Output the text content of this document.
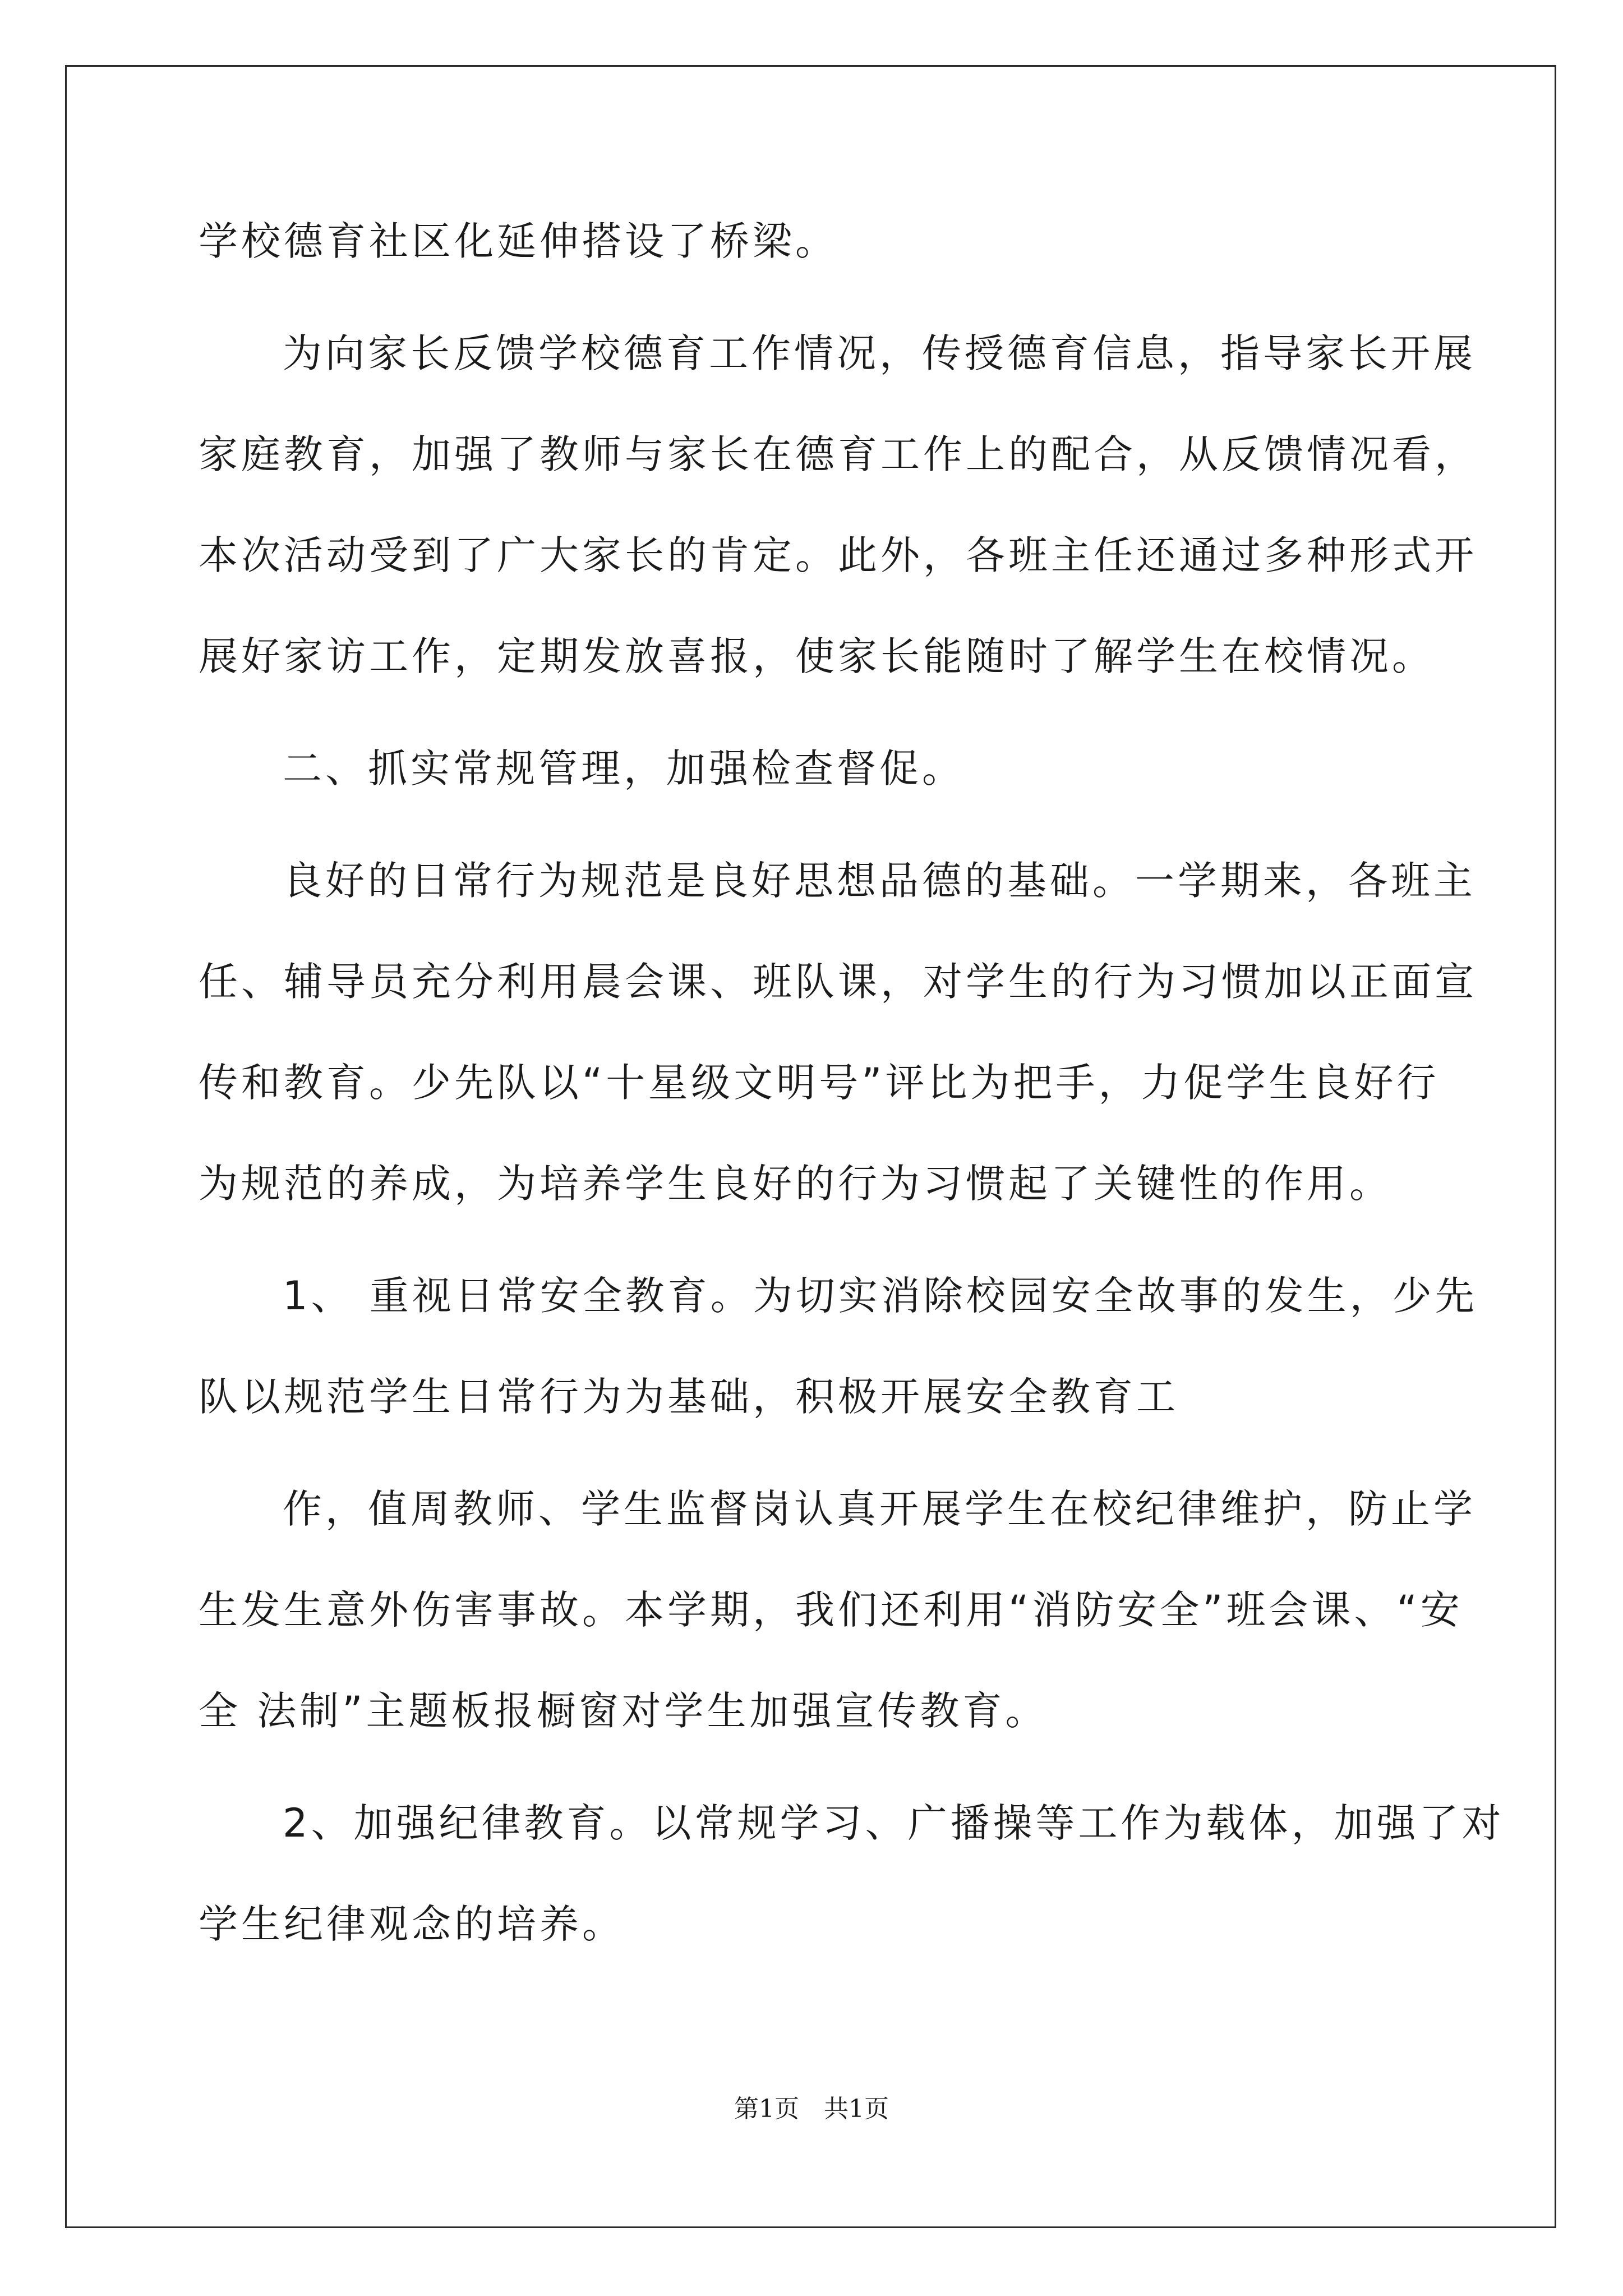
学校德育社区化延伸搭设了桥梁。
为向家长反馈学校德育工作情况，传授德育信息，指导家长开展
家庭教育，加强了教师与家长在德育工作上的配合，从反馈情况看，
本次活动受到了广大家长的肯定。此外，各班主任还通过多种形式开
展好家访工作，定期发放喜报，使家长能随时了解学生在校情况。
二、抓实常规管理，加强检查督促。
良好的日常行为规范是良好思想品德的基础。一学期来，各班主
任、辅导员充分利用晨会课、班队课，对学生的行为习惯加以正面宣
传和教育。少先队以“十星级文明号”评比为把手，力促学生良好行
为规范的养成，为培养学生良好的行为习惯起了关键性的作用。
1、 重视日常安全教育。为切实消除校园安全故事的发生，少先
队以规范学生日常行为为基础，积极开展安全教育工
作，值周教师、学生监督岗认真开展学生在校纪律维护，防止学
生发生意外伤害事故。本学期，我们还利用“消防安全”班会课、“安
全 法制”主题板报橱窗对学生加强宣传教育。
2、加强纪律教育。以常规学习、广播操等工作为载体，加强了对
学生纪律观念的培养。
第1页 共1页
